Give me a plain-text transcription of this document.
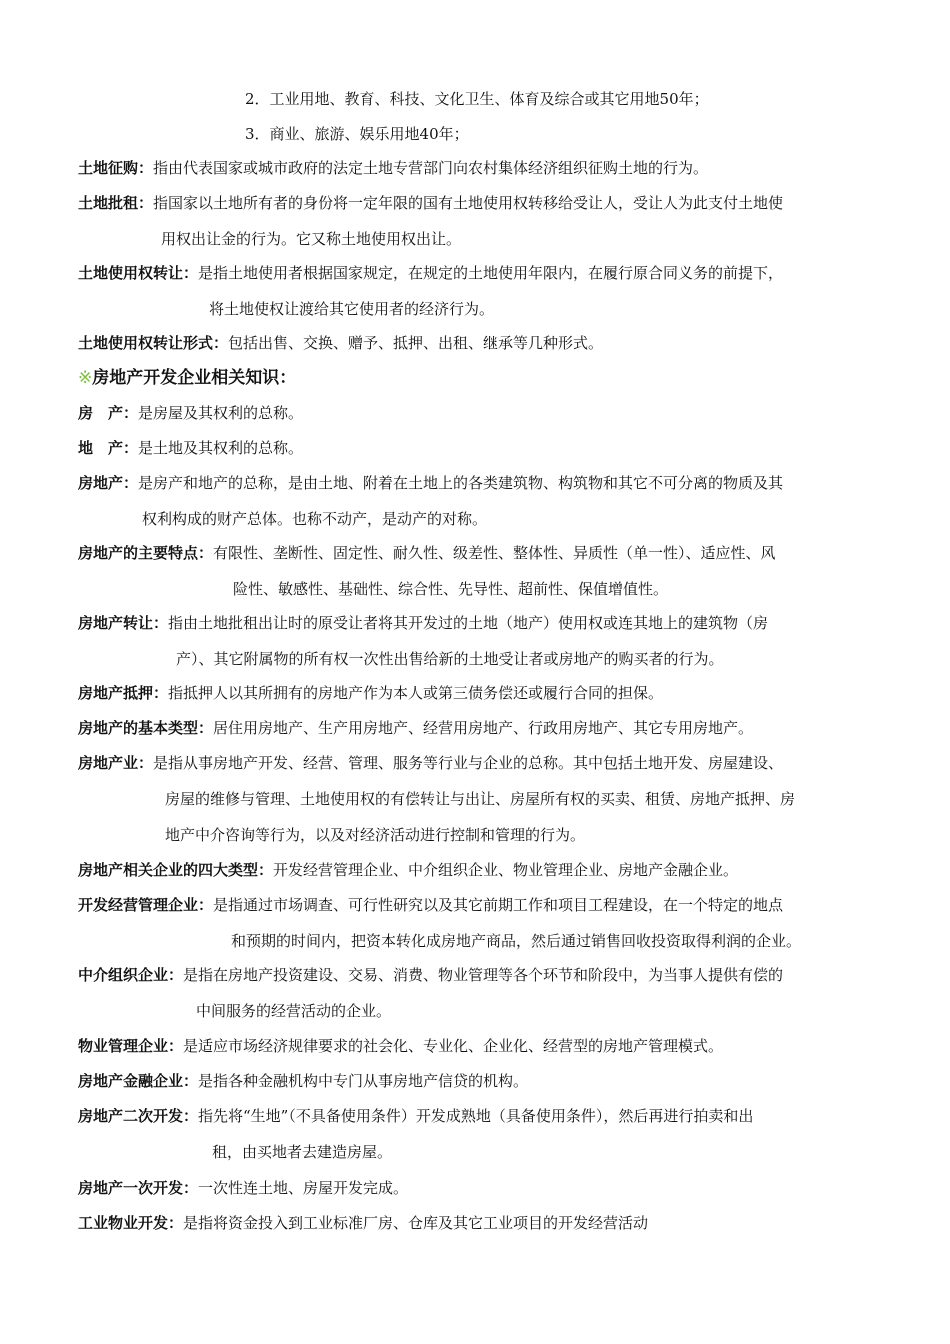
2．工业用地、教育、科技、文化卫生、体育及综合或其它用地50年；
3．商业、旅游、娱乐用地40年；
土地征购：指由代表国家或城市政府的法定土地专营部门向农村集体经济组织征购土地的行为。
土地批租：指国家以土地所有者的身份将一定年限的国有土地使用权转移给受让人，受让人为此支付土地使
用权出让金的行为。它又称土地使用权出让。
土地使用权转让：是指土地使用者根据国家规定，在规定的土地使用年限内，在履行原合同义务的前提下，
将土地使权让渡给其它使用者的经济行为。
土地使用权转让形式：包括出售、交换、赠予、抵押、出租、继承等几种形式。
※房地产开发企业相关知识：
房　产：是房屋及其权利的总称。
地　产：是土地及其权利的总称。
房地产：是房产和地产的总称，是由土地、附着在土地上的各类建筑物、构筑物和其它不可分离的物质及其
权利构成的财产总体。也称不动产，是动产的对称。
房地产的主要特点：有限性、垄断性、固定性、耐久性、级差性、整体性、异质性（单一性）、适应性、风
险性、敏感性、基础性、综合性、先导性、超前性、保值增值性。
房地产转让：指由土地批租出让时的原受让者将其开发过的土地（地产）使用权或连其地上的建筑物（房
产）、其它附属物的所有权一次性出售给新的土地受让者或房地产的购买者的行为。
房地产抵押：指抵押人以其所拥有的房地产作为本人或第三债务偿还或履行合同的担保。
房地产的基本类型：居住用房地产、生产用房地产、经营用房地产、行政用房地产、其它专用房地产。
房地产业：是指从事房地产开发、经营、管理、服务等行业与企业的总称。其中包括土地开发、房屋建设、
房屋的维修与管理、土地使用权的有偿转让与出让、房屋所有权的买卖、租赁、房地产抵押、房
地产中介咨询等行为，以及对经济活动进行控制和管理的行为。
房地产相关企业的四大类型：开发经营管理企业、中介组织企业、物业管理企业、房地产金融企业。
开发经营管理企业：是指通过市场调查、可行性研究以及其它前期工作和项目工程建设，在一个特定的地点
和预期的时间内，把资本转化成房地产商品，然后通过销售回收投资取得利润的企业。
中介组织企业：是指在房地产投资建设、交易、消费、物业管理等各个环节和阶段中，为当事人提供有偿的
中间服务的经营活动的企业。
物业管理企业：是适应市场经济规律要求的社会化、专业化、企业化、经营型的房地产管理模式。
房地产金融企业：是指各种金融机构中专门从事房地产信贷的机构。
房地产二次开发：指先将“生地”（不具备使用条件）开发成熟地（具备使用条件），然后再进行拍卖和出
租，由买地者去建造房屋。
房地产一次开发：一次性连土地、房屋开发完成。
工业物业开发：是指将资金投入到工业标准厂房、仓库及其它工业项目的开发经营活动
